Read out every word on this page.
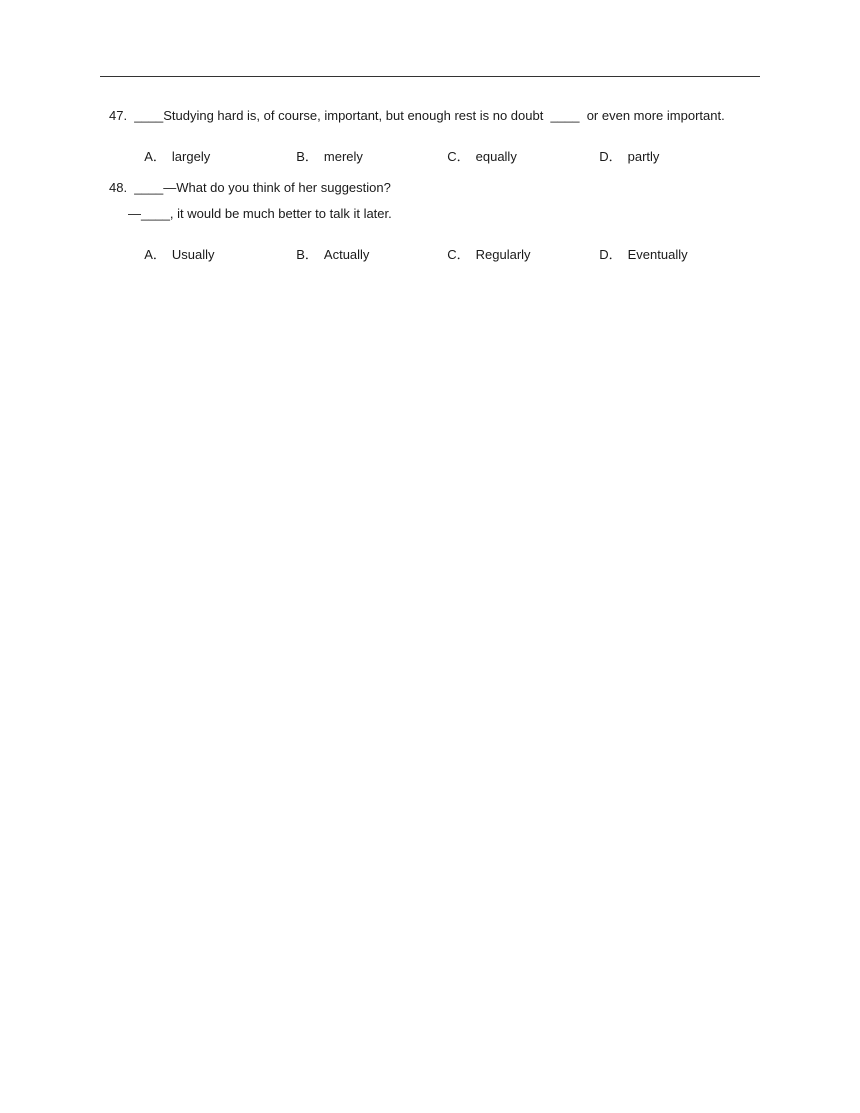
47.  ____Studying hard is, of course, important, but enough rest is no doubt  ____  or even more important.

A． largely	B． merely	C． equally	D． partly

48.  ____—What do you think of her suggestion?
—____, it would be much better to talk it later.

A． Usually	B． Actually	C． Regularly	D． Eventually
